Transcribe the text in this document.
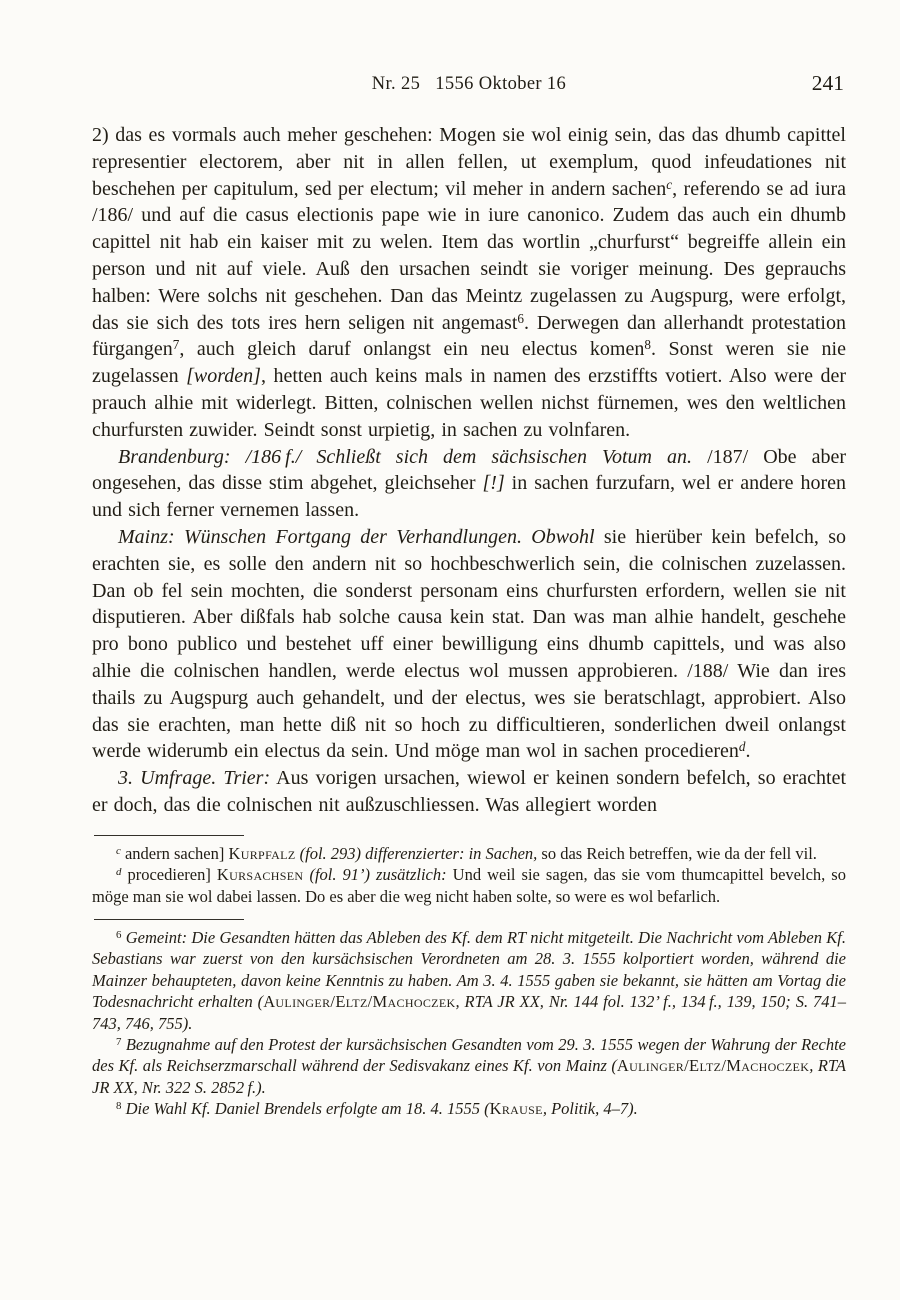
Nr. 25   1556 Oktober 16	241

2) das es vormals auch meher geschehen: Mogen sie wol einig sein, das das dhumb capittel representier electorem, aber nit in allen fellen, ut exemplum, quod infeudationes nit beschehen per capitulum, sed per electum; vil meher in andern sachen$^c$, referendo se ad iura /186/ und auf die casus electionis pape wie in iure canonico. Zudem das auch ein dhumb capittel nit hab ein kaiser mit zu welen. Item das wortlin „churfurst“ begreiffe allein ein person und nit auf viele. Auß den ursachen seindt sie voriger meinung. Des geprauchs halben: Were solchs nit geschehen. Dan das Meintz zugelassen zu Augspurg, were erfolgt, das sie sich des tots ires hern seligen nit angemast$^6$. Derwegen dan allerhandt protestation fürgangen$^7$, auch gleich daruf onlangst ein neu electus komen$^8$. Sonst weren sie nie zugelassen [worden], hetten auch keins mals in namen des erzstiffts votiert. Also were der prauch alhie mit widerlegt. Bitten, colnischen wellen nichst fürnemen, wes den weltlichen churfursten zuwider. Seindt sonst urpietig, in sachen zu volnfaren.

Brandenburg: /186 f./ Schließt sich dem sächsischen Votum an. /187/ Obe aber ongesehen, das disse stim abgehet, gleichseher [!] in sachen furzufarn, wel er andere horen und sich ferner vernemen lassen.

Mainz: Wünschen Fortgang der Verhandlungen. Obwohl sie hierüber kein befelch, so erachten sie, es solle den andern nit so hochbeschwerlich sein, die colnischen zuzelassen. Dan ob fel sein mochten, die sonderst personam eins churfursten erfordern, wellen sie nit disputieren. Aber dißfals hab solche causa kein stat. Dan was man alhie handelt, geschehe pro bono publico und bestehet uff einer bewilligung eins dhumb capittels, und was also alhie die colnischen handlen, werde electus wol mussen approbieren. /188/ Wie dan ires thails zu Augspurg auch gehandelt, und der electus, wes sie beratschlagt, approbiert. Also das sie erachten, man hette diß nit so hoch zu difficultieren, sonderlichen dweil onlangst werde widerumb ein electus da sein. Und möge man wol in sachen procedieren$^d$.

3. Umfrage. Trier: Aus vorigen ursachen, wiewol er keinen sondern befelch, so erachtet er doch, das die colnischen nit außzuschliessen. Was allegiert worden

$^c$ andern sachen] Kurpfalz (fol. 293) differenzierter: in Sachen, so das Reich betreffen, wie da der fell vil.

$^d$ procedieren] Kursachsen (fol. 91’) zusätzlich: Und weil sie sagen, das sie vom thumcapittel bevelch, so möge man sie wol dabei lassen. Do es aber die weg nicht haben solte, so were es wol befarlich.

$^6$ Gemeint: Die Gesandten hätten das Ableben des Kf. dem RT nicht mitgeteilt. Die Nachricht vom Ableben Kf. Sebastians war zuerst von den kursächsischen Verordneten am 28. 3. 1555 kolportiert worden, während die Mainzer behaupteten, davon keine Kenntnis zu haben. Am 3. 4. 1555 gaben sie bekannt, sie hätten am Vortag die Todesnachricht erhalten (Aulinger/Eltz/Machoczek, RTA JR XX, Nr. 144 fol. 132’ f., 134 f., 139, 150; S. 741–743, 746, 755).

$^7$ Bezugnahme auf den Protest der kursächsischen Gesandten vom 29. 3. 1555 wegen der Wahrung der Rechte des Kf. als Reichserzmarschall während der Sedisvakanz eines Kf. von Mainz (Aulinger/Eltz/Machoczek, RTA JR XX, Nr. 322 S. 2852 f.).

$^8$ Die Wahl Kf. Daniel Brendels erfolgte am 18. 4. 1555 (Krause, Politik, 4–7).
